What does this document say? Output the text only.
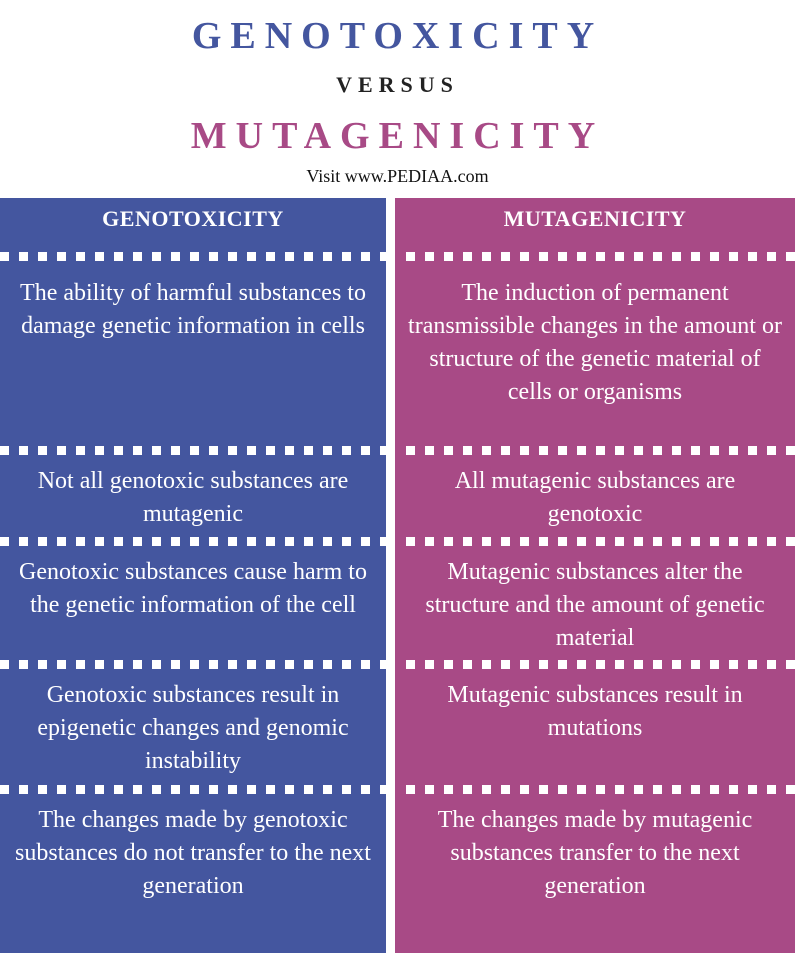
GENOTOXICITY
VERSUS
MUTAGENICITY
Visit www.PEDIAA.com
GENOTOXICITY	MUTAGENICITY
The ability of harmful substances to damage genetic information in cells
The induction of permanent transmissible changes in the amount or structure of the genetic material of cells or organisms
Not all genotoxic substances are mutagenic
All mutagenic substances are genotoxic
Genotoxic substances cause harm to the genetic information of the cell
Mutagenic substances alter the structure and the amount of genetic material
Genotoxic substances result in epigenetic changes and genomic instability
Mutagenic substances result in mutations
The changes made by genotoxic substances do not transfer to the next generation
The changes made by mutagenic substances transfer to the next generation
